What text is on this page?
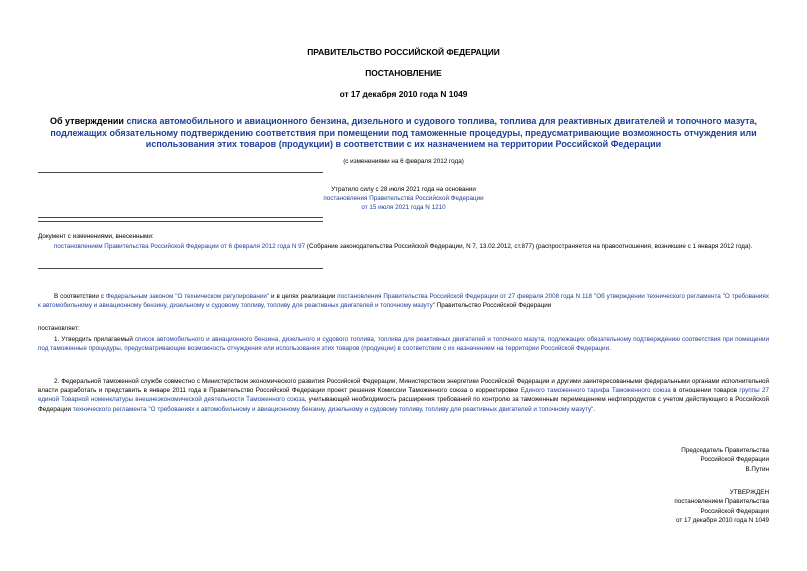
ПРАВИТЕЛЬСТВО РОССИЙСКОЙ ФЕДЕРАЦИИ
ПОСТАНОВЛЕНИЕ
от 17 декабря 2010 года N 1049
Об утверждении списка автомобильного и авиационного бензина, дизельного и судового топлива, топлива для реактивных двигателей и топочного мазута, подлежащих обязательному подтверждению соответствия при помещении под таможенные процедуры, предусматривающие возможность отчуждения или использования этих товаров (продукции) в соответствии с их назначением на территории Российской Федерации
(с изменениями на 6 февраля 2012 года)
Утратило силу с 28 июля 2021 года на основании
постановления Правительства Российской Федерации
от 15 июля 2021 года N 1210
Документ с изменениями, внесенными:
постановлением Правительства Российской Федерации от 6 февраля 2012 года N 97 (Собрание законодательства Российской Федерации, N 7, 13.02.2012, ст.877) (распространяется на правоотношения, возникшие с 1 января 2012 года).
В соответствии с Федеральным законом "О техническом регулировании" и в целях реализации постановления Правительства Российской Федерации от 27 февраля 2008 года N 118 "Об утверждении технического регламента "О требованиях к автомобильному и авиационному бензину, дизельному и судовому топливу, топливу для реактивных двигателей и топочному мазуту" Правительство Российской Федерации
постановляет:
1. Утвердить прилагаемый список автомобильного и авиационного бензина, дизельного и судового топлива, топлива для реактивных двигателей и топочного мазута, подлежащих обязательному подтверждению соответствия при помещении под таможенные процедуры, предусматривающие возможность отчуждения или использования этих товаров (продукции) в соответствии с их назначением на территории Российской Федерации.
2. Федеральной таможенной службе совместно с Министерством экономического развития Российской Федерации, Министерством энергетики Российской Федерации и другими заинтересованными федеральными органами исполнительной власти разработать и представить в январе 2011 года в Правительство Российской Федерации проект решения Комиссии Таможенного союза о корректировке Единого таможенного тарифа Таможенного союза в отношении товаров группы 27 единой Товарной номенклатуры внешнеэкономической деятельности Таможенного союза, учитывающей необходимость расширения требований по контролю за таможенным перемещением нефтепродуктов с учетом действующего в Российской Федерации технического регламента "О требованиях к автомобильному и авиационному бензину, дизельному и судовому топливу, топливу для реактивных двигателей и топочному мазуту".
Председатель Правительства
Российской Федерации
В.Путин
УТВЕРЖДЕН
постановлением Правительства
Российской Федерации
от 17 декабря 2010 года N 1049
